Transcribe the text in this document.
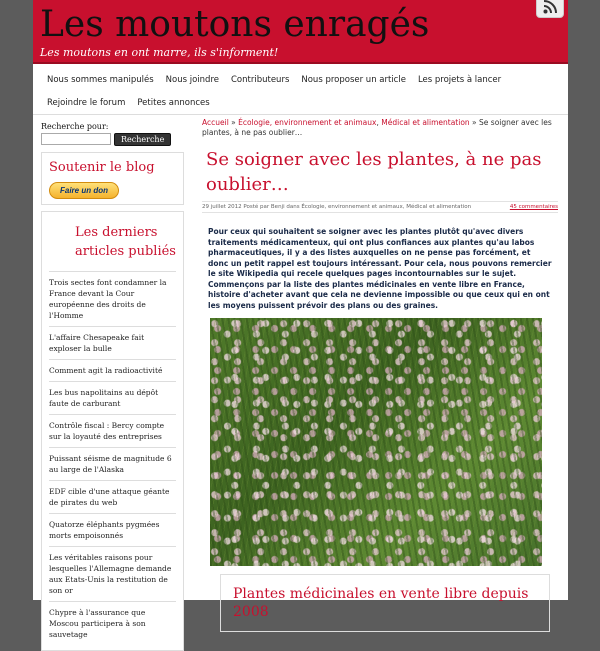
Les moutons enragés
Les moutons en ont marre, ils s'informent!
Nous sommes manipulés	Nous joindre	Contributeurs	Nous proposer un article	Les projets à lancer
Rejoindre le forum	Petites annonces
Recherche pour:
Recherche
Soutenir le blog
Faire un don
Les derniers articles publiés
Trois sectes font condamner la France devant la Cour européenne des droits de l'Homme
L'affaire Chesapeake fait exploser la bulle
Comment agit la radioactivité
Les bus napolitains au dépôt faute de carburant
Contrôle fiscal : Bercy compte sur la loyauté des entreprises
Puissant séisme de magnitude 6 au large de l'Alaska
EDF cible d'une attaque géante de pirates du web
Quatorze éléphants pygmées morts empoisonnés
Les véritables raisons pour lesquelles l'Allemagne demande aux Etats-Unis la restitution de son or
Chypre à l'assurance que Moscou participera à son sauvetage
Accueil » Écologie, environnement et animaux, Médical et alimentation » Se soigner avec les plantes, à ne pas oublier…
Se soigner avec les plantes, à ne pas oublier…
29 juillet 2012 Posté par Benji dans Écologie, environnement et animaux, Médical et alimentation	45 commentaires
Pour ceux qui souhaitent se soigner avec les plantes plutôt qu'avec divers traitements médicamenteux, qui ont plus confiances aux plantes qu'au labos pharmaceutiques, il y a des listes auxquelles on ne pense pas forcément, et donc un petit rappel est toujours intéressant. Pour cela, nous pouvons remercier le site Wikipedia qui recele quelques pages incontournables sur le sujet. Commençons par la liste des plantes médicinales en vente libre en France, histoire d'acheter avant que cela ne devienne impossible ou que ceux qui en ont les moyens puissent prévoir des plans ou des graines.
Plantes médicinales en vente libre depuis 2008
